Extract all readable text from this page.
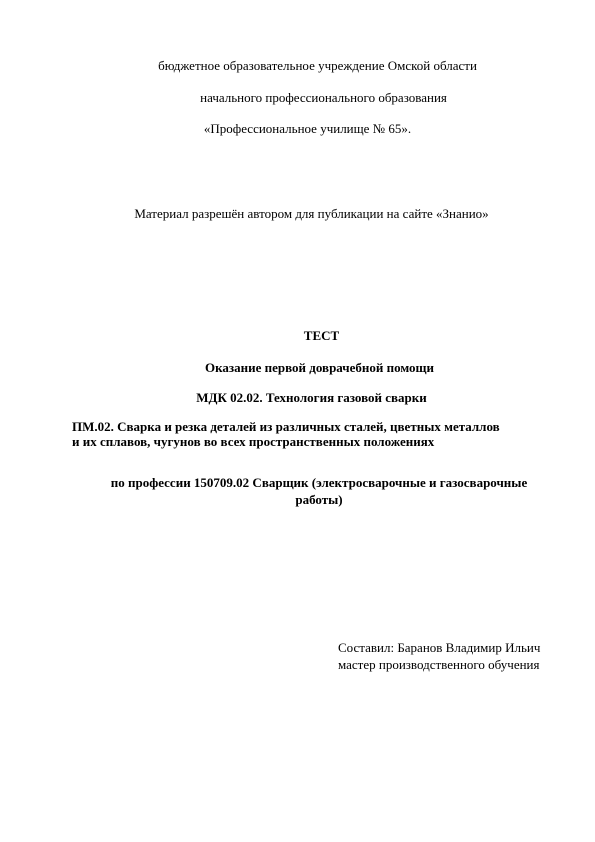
бюджетное образовательное учреждение Омской области
начального профессионального образования
«Профессиональное училище № 65».
Материал разрешён автором для публикации на сайте «Знанио»
ТЕСТ
Оказание первой доврачебной помощи
МДК 02.02. Технология газовой сварки
ПМ.02. Сварка и резка деталей из различных сталей, цветных металлов
и их сплавов, чугунов во всех пространственных положениях
по профессии 150709.02 Сварщик (электросварочные и газосварочные
работы)
Составил: Баранов Владимир Ильич
мастер производственного обучения
